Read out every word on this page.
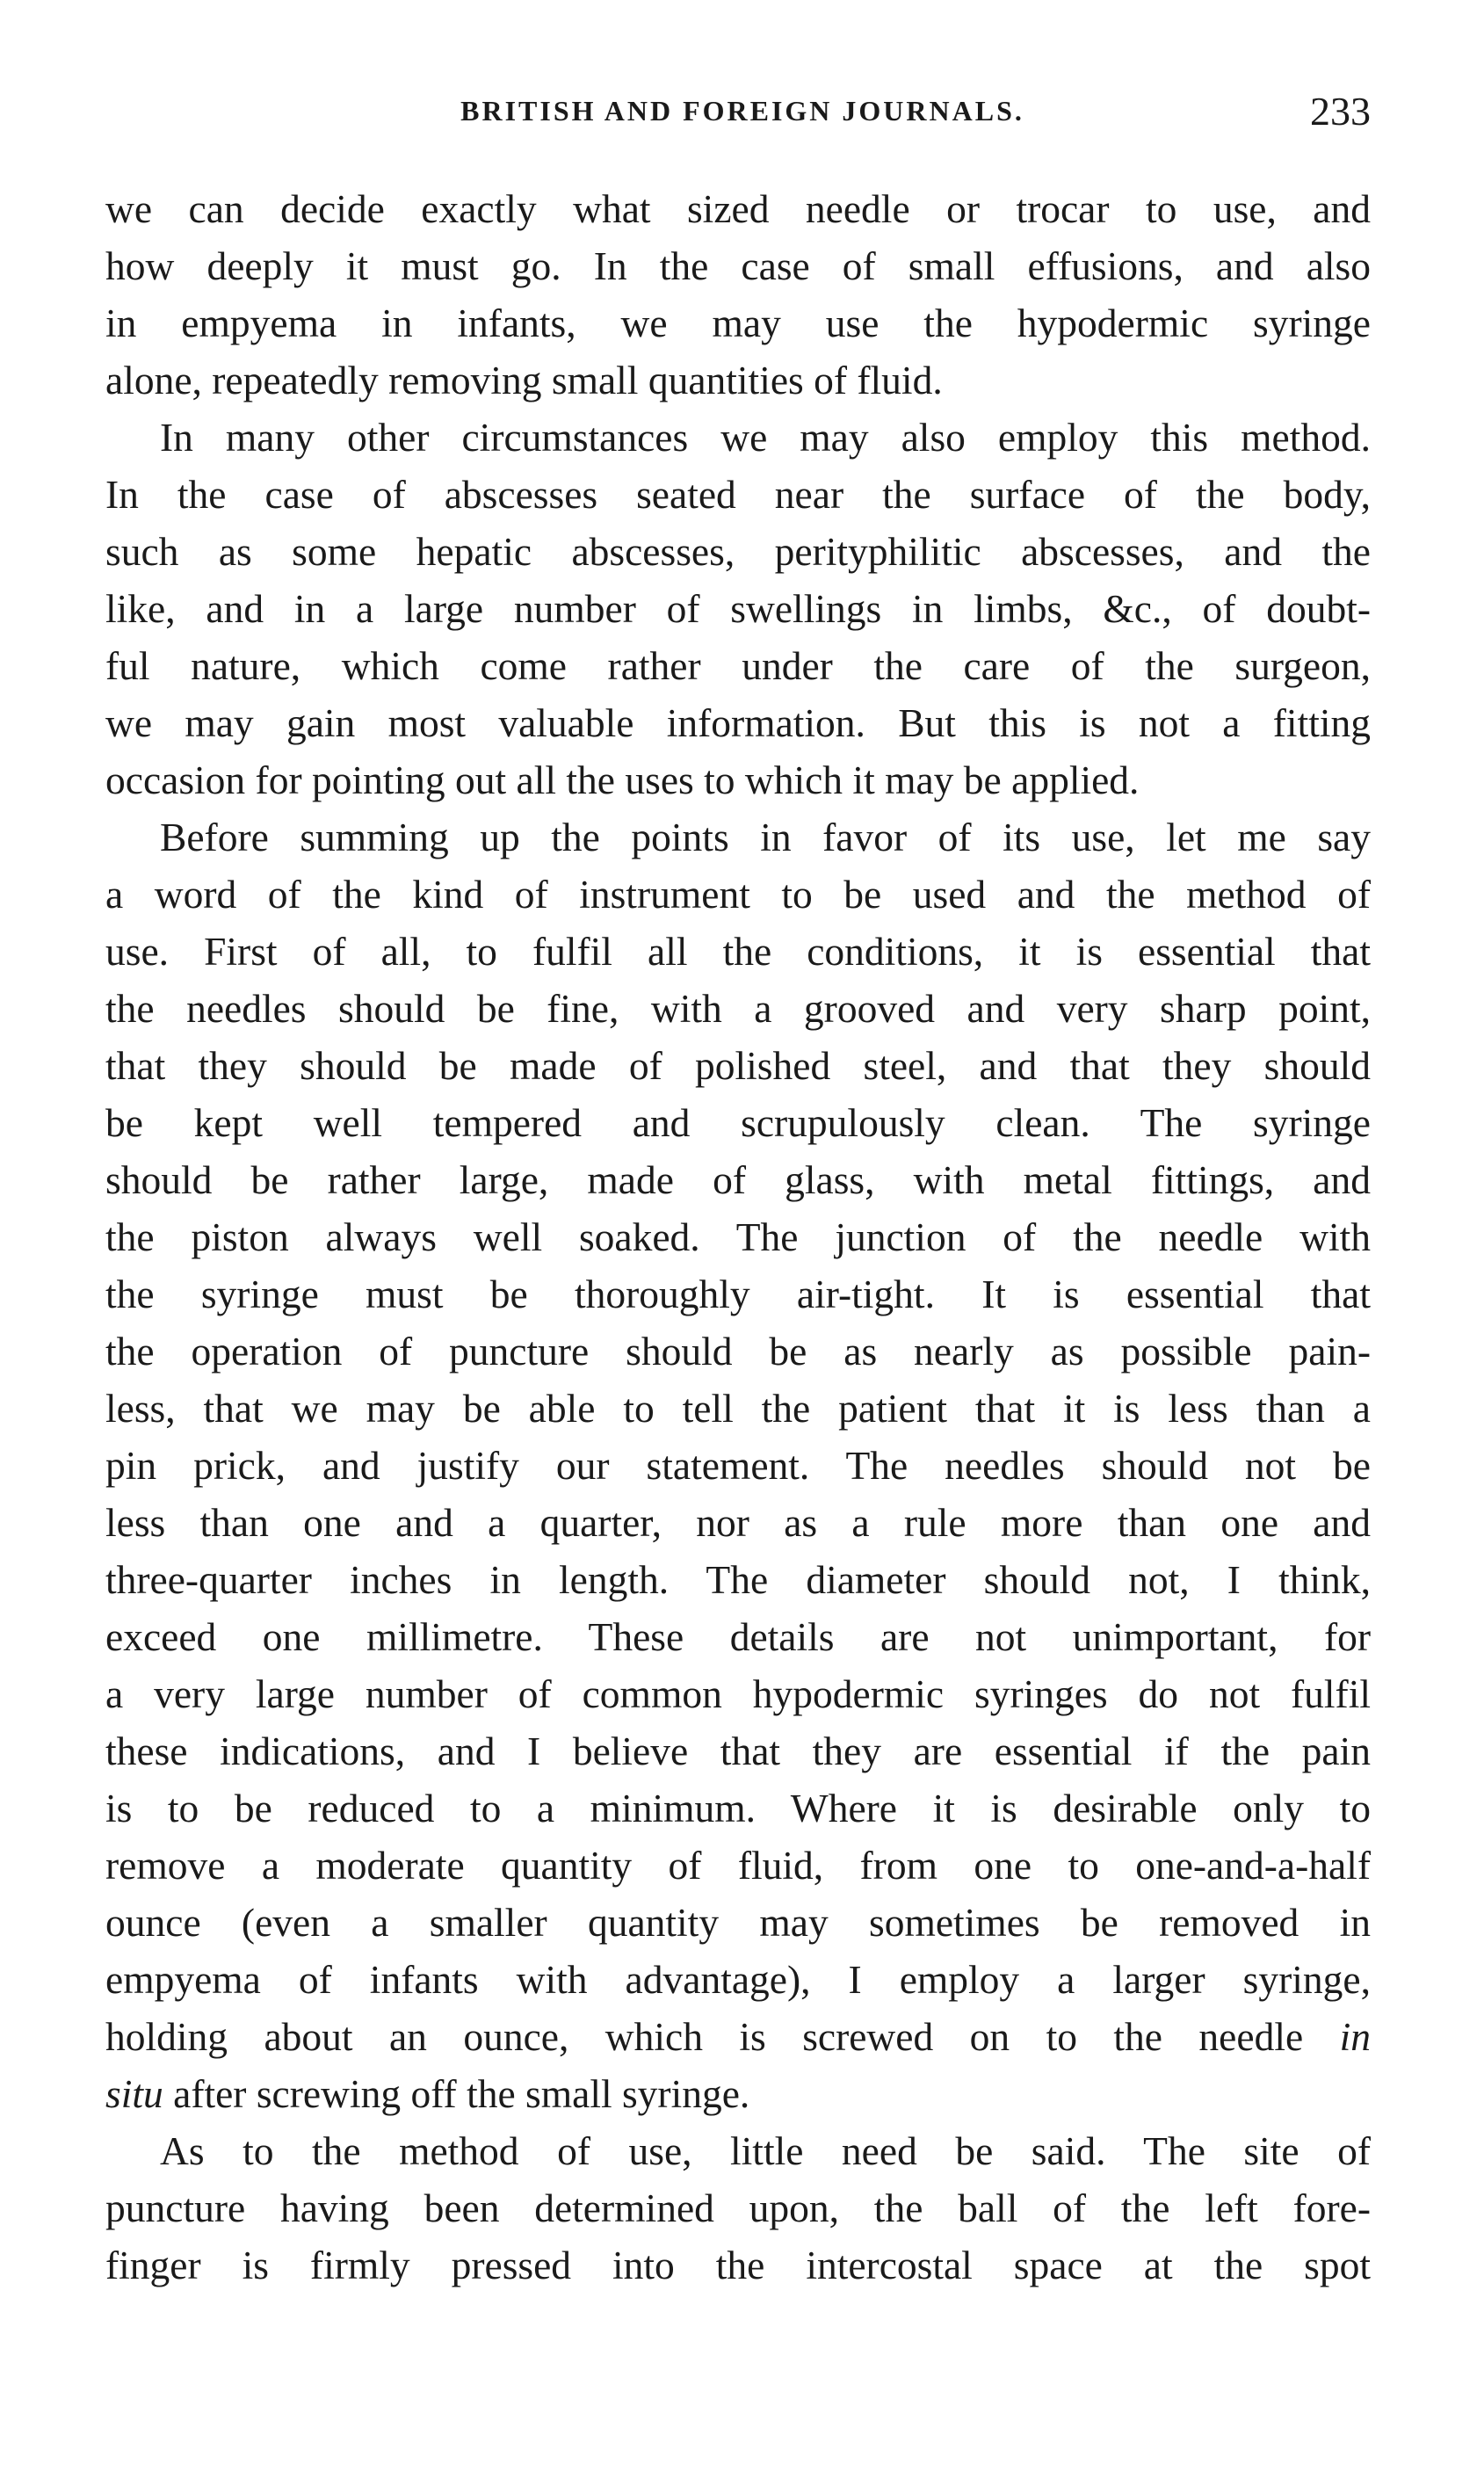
BRITISH AND FOREIGN JOURNALS.	233
we can decide exactly what sized needle or trocar to use, and
how deeply it must go. In the case of small effusions, and also
in empyema in infants, we may use the hypodermic syringe
alone, repeatedly removing small quantities of fluid.
In many other circumstances we may also employ this method.
In the case of abscesses seated near the surface of the body,
such as some hepatic abscesses, perityphilitic abscesses, and the
like, and in a large number of swellings in limbs, &c., of doubt-
ful nature, which come rather under the care of the surgeon,
we may gain most valuable information. But this is not a fitting
occasion for pointing out all the uses to which it may be applied.
Before summing up the points in favor of its use, let me say
a word of the kind of instrument to be used and the method of
use. First of all, to fulfil all the conditions, it is essential that
the needles should be fine, with a grooved and very sharp point,
that they should be made of polished steel, and that they should
be kept well tempered and scrupulously clean. The syringe
should be rather large, made of glass, with metal fittings, and
the piston always well soaked. The junction of the needle with
the syringe must be thoroughly air-tight. It is essential that
the operation of puncture should be as nearly as possible pain-
less, that we may be able to tell the patient that it is less than a
pin prick, and justify our statement. The needles should not be
less than one and a quarter, nor as a rule more than one and
three-quarter inches in length. The diameter should not, I think,
exceed one millimetre. These details are not unimportant, for
a very large number of common hypodermic syringes do not fulfil
these indications, and I believe that they are essential if the pain
is to be reduced to a minimum. Where it is desirable only to
remove a moderate quantity of fluid, from one to one-and-a-half
ounce (even a smaller quantity may sometimes be removed in
empyema of infants with advantage), I employ a larger syringe,
holding about an ounce, which is screwed on to the needle in
situ after screwing off the small syringe.
As to the method of use, little need be said. The site of
puncture having been determined upon, the ball of the left fore-
finger is firmly pressed into the intercostal space at the spot
